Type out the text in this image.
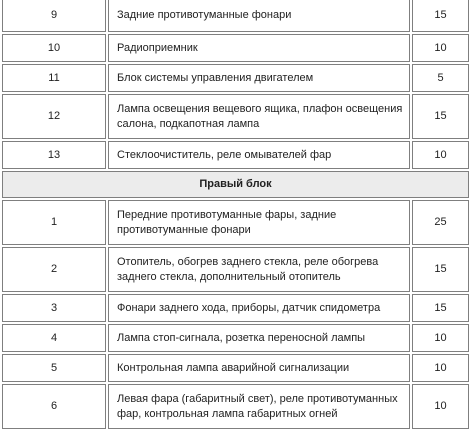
9	Задние противотуманные фонари	15
10	Радиоприемник	10
11	Блок системы управления двигателем	5
12	Лампа освещения вещевого ящика, плафон освещения салона, подкапотная лампа	15
13	Стеклоочиститель, реле омывателей фар	10
Правый блок		
1	Передние противотуманные фары, задние противотуманные фонари	25
2	Отопитель, обогрев заднего стекла, реле обогрева заднего стекла, дополнительный отопитель	15
3	Фонари заднего хода, приборы, датчик спидометра	15
4	Лампа стоп-сигнала, розетка переносной лампы	10
5	Контрольная лампа аварийной сигнализации	10
6	Левая фара (габаритный свет), реле противотуманных фар, контрольная лампа габаритных огней	10
